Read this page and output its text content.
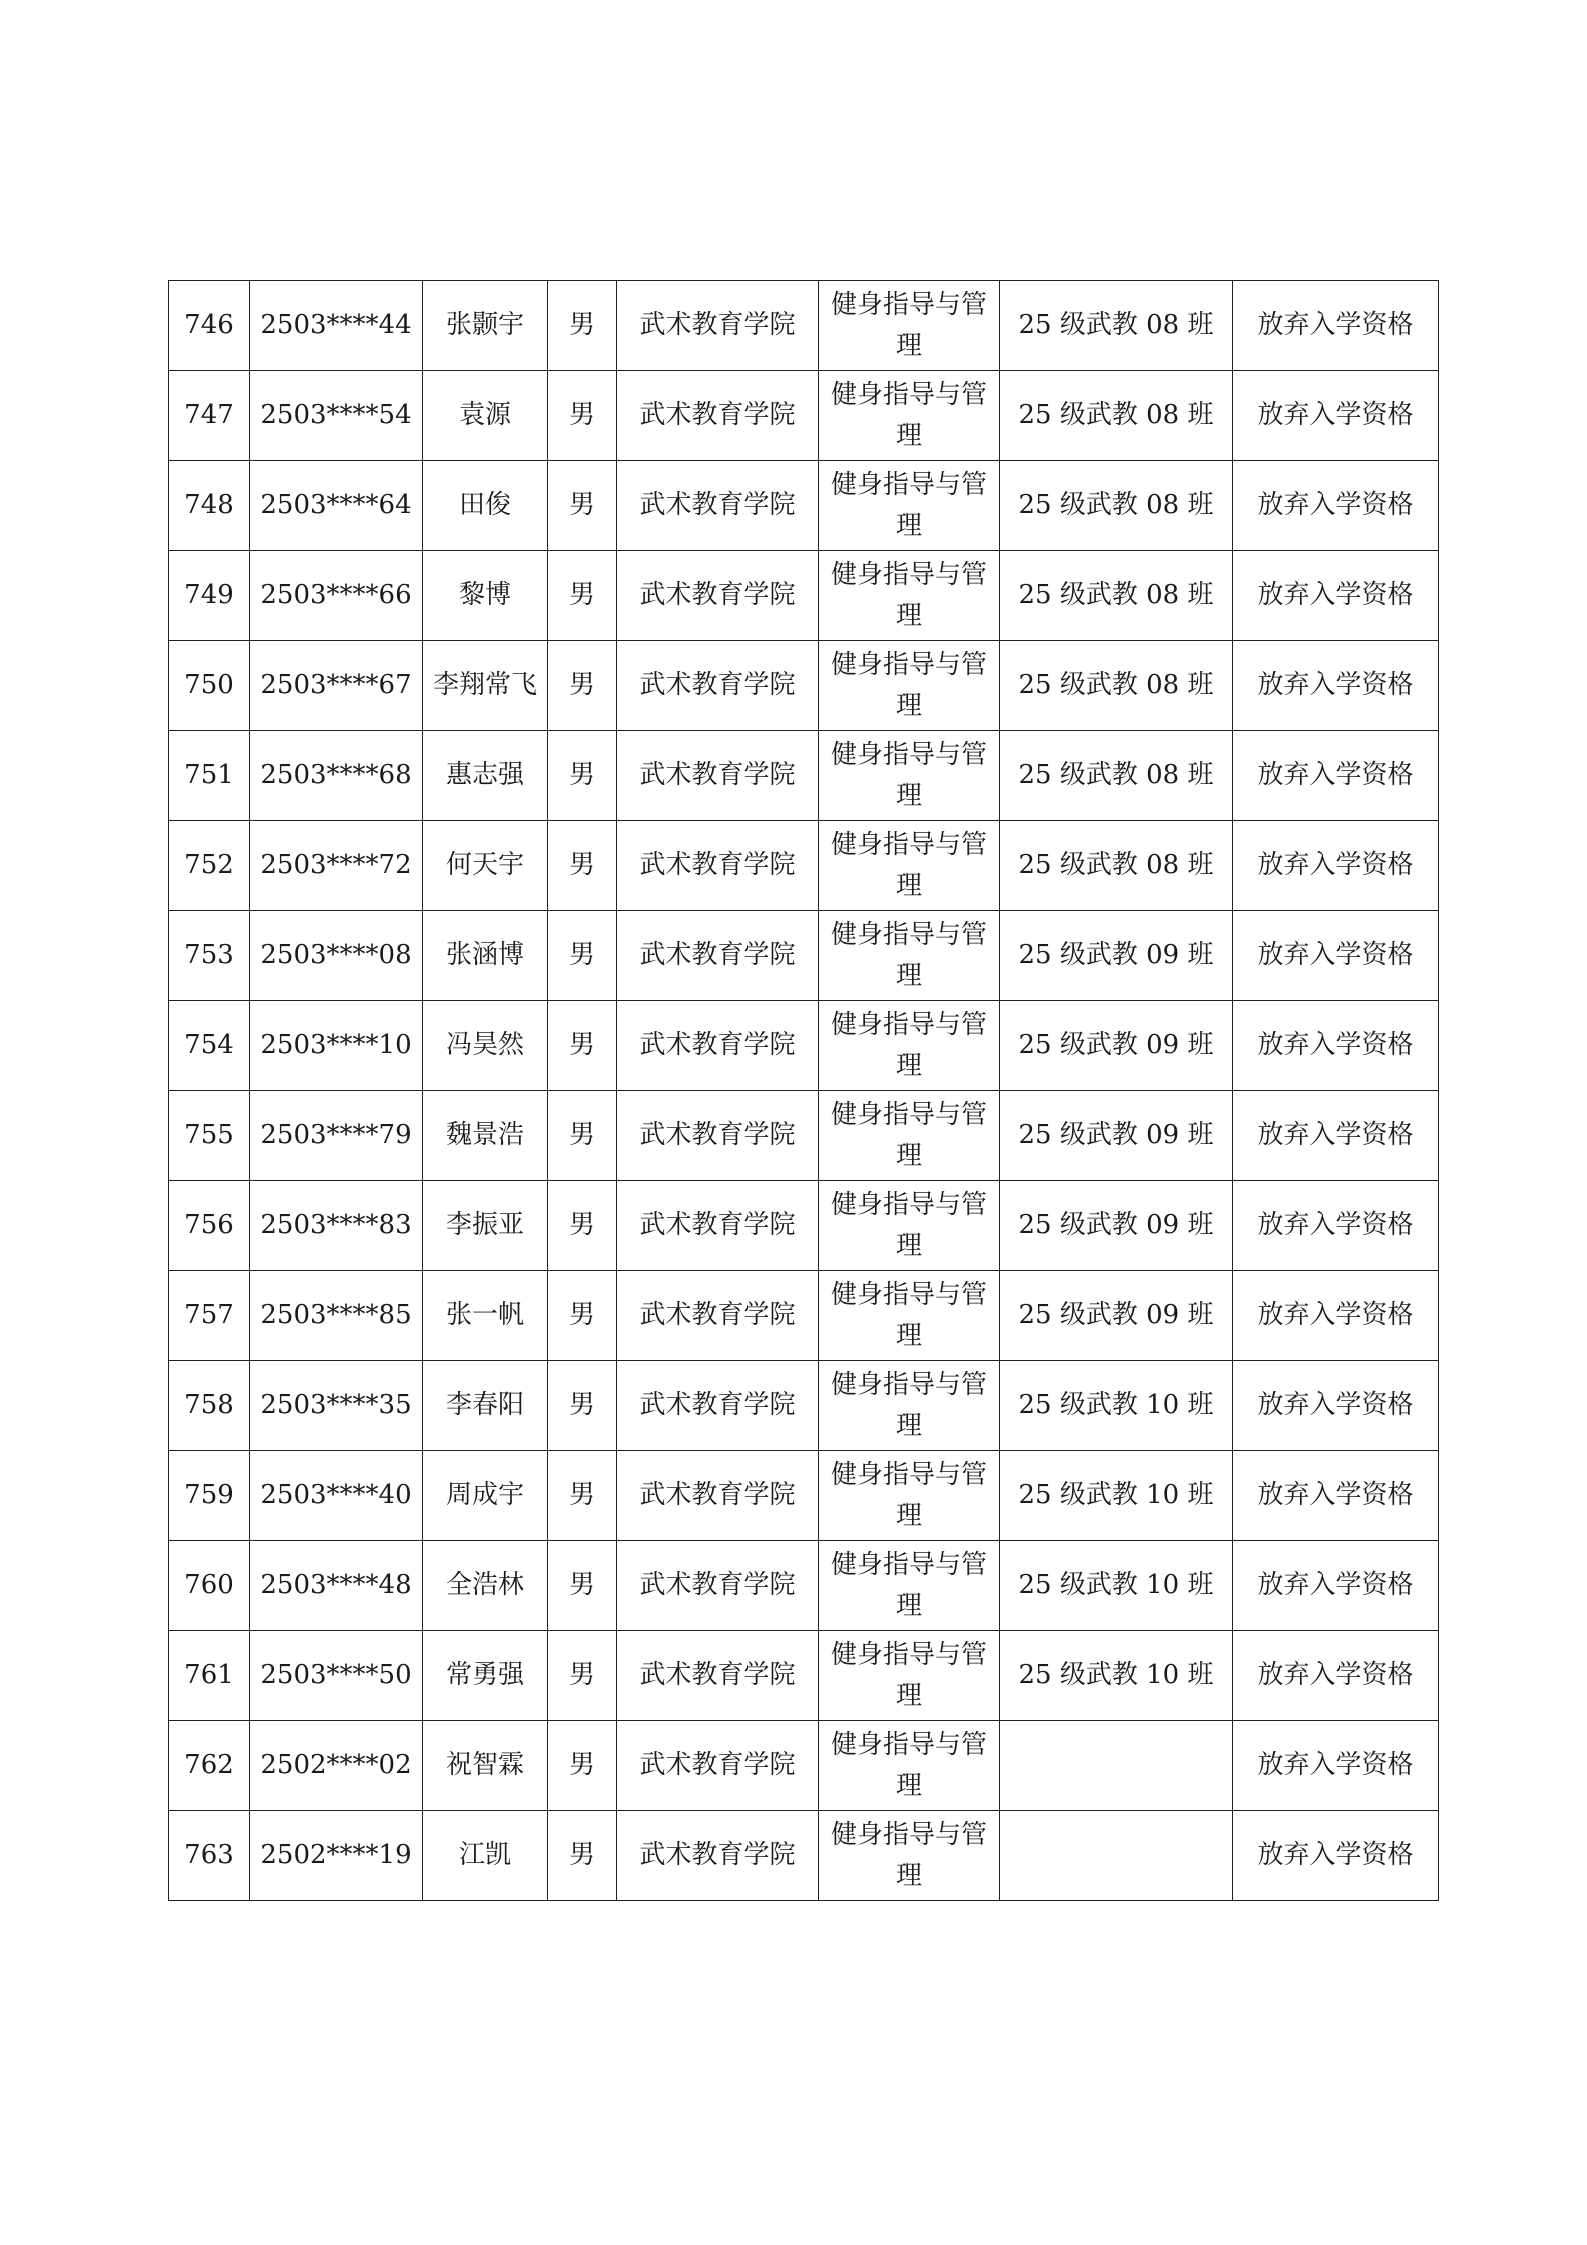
746	2503****44	张颢宇	男	武术教育学院	健身指导与管理	25 级武教 08 班	放弃入学资格
747	2503****54	袁源	男	武术教育学院	健身指导与管理	25 级武教 08 班	放弃入学资格
748	2503****64	田俊	男	武术教育学院	健身指导与管理	25 级武教 08 班	放弃入学资格
749	2503****66	黎博	男	武术教育学院	健身指导与管理	25 级武教 08 班	放弃入学资格
750	2503****67	李翔常飞	男	武术教育学院	健身指导与管理	25 级武教 08 班	放弃入学资格
751	2503****68	惠志强	男	武术教育学院	健身指导与管理	25 级武教 08 班	放弃入学资格
752	2503****72	何天宇	男	武术教育学院	健身指导与管理	25 级武教 08 班	放弃入学资格
753	2503****08	张涵博	男	武术教育学院	健身指导与管理	25 级武教 09 班	放弃入学资格
754	2503****10	冯昊然	男	武术教育学院	健身指导与管理	25 级武教 09 班	放弃入学资格
755	2503****79	魏景浩	男	武术教育学院	健身指导与管理	25 级武教 09 班	放弃入学资格
756	2503****83	李振亚	男	武术教育学院	健身指导与管理	25 级武教 09 班	放弃入学资格
757	2503****85	张一帆	男	武术教育学院	健身指导与管理	25 级武教 09 班	放弃入学资格
758	2503****35	李春阳	男	武术教育学院	健身指导与管理	25 级武教 10 班	放弃入学资格
759	2503****40	周成宇	男	武术教育学院	健身指导与管理	25 级武教 10 班	放弃入学资格
760	2503****48	全浩林	男	武术教育学院	健身指导与管理	25 级武教 10 班	放弃入学资格
761	2503****50	常勇强	男	武术教育学院	健身指导与管理	25 级武教 10 班	放弃入学资格
762	2502****02	祝智霖	男	武术教育学院	健身指导与管理		放弃入学资格
763	2502****19	江凯	男	武术教育学院	健身指导与管理		放弃入学资格
